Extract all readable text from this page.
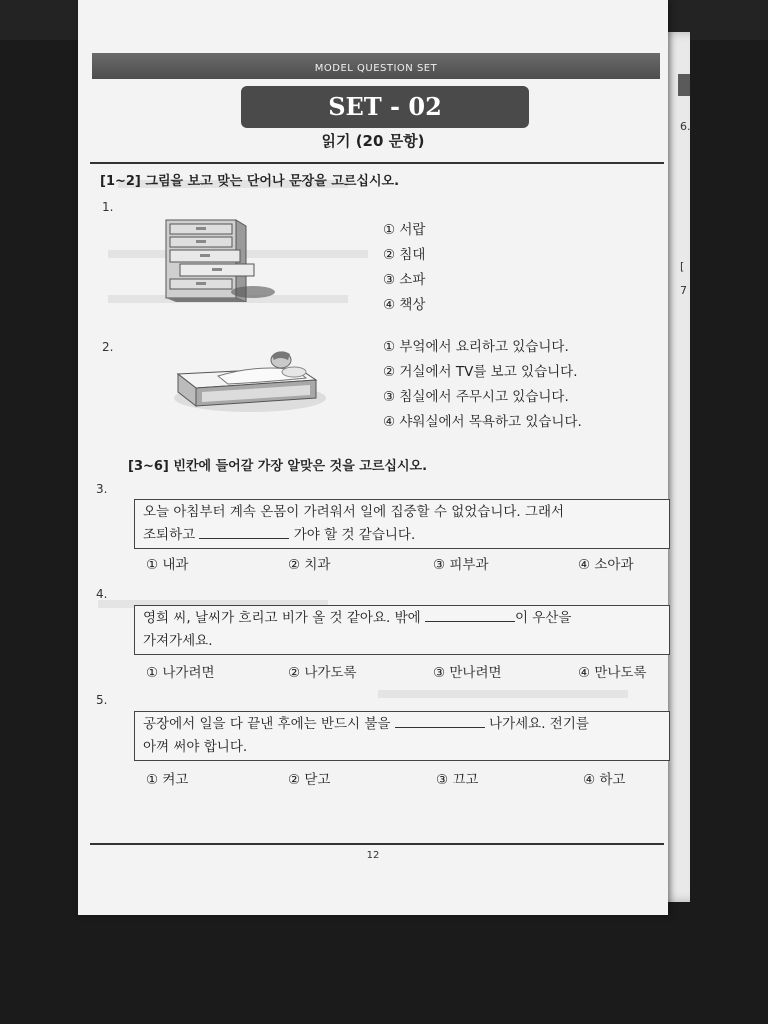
6.
[
7
MODEL QUESTION SET
SET - 02
읽기 (20 문항)
[1~2] 그림을 보고 맞는 단어나 문장을 고르십시오.
1.
① 서랍
② 침대
③ 소파
④ 책상
2.	① 부엌에서 요리하고 있습니다.
② 거실에서 TV를 보고 있습니다.
③ 침실에서 주무시고 있습니다.
④ 샤워실에서 목욕하고 있습니다.
[3~6] 빈칸에 들어갈 가장 알맞은 것을 고르십시오.
3.
오늘 아침부터 계속 온몸이 가려워서 일에 집중할 수 없었습니다. 그래서
조퇴하고	가야 할 것 같습니다.
① 내과	② 치과	③ 피부과	④ 소아과
4.
영희 씨, 날씨가 흐리고 비가 올 것 같아요. 밖에	이 우산을
가져가세요.
① 나가려면	② 나가도록	③ 만나려면	④ 만나도록
5.
공장에서 일을 다 끝낸 후에는 반드시 불을	나가세요. 전기를
아껴 써야 합니다.
① 켜고	② 닫고	③ 끄고	④ 하고
12
